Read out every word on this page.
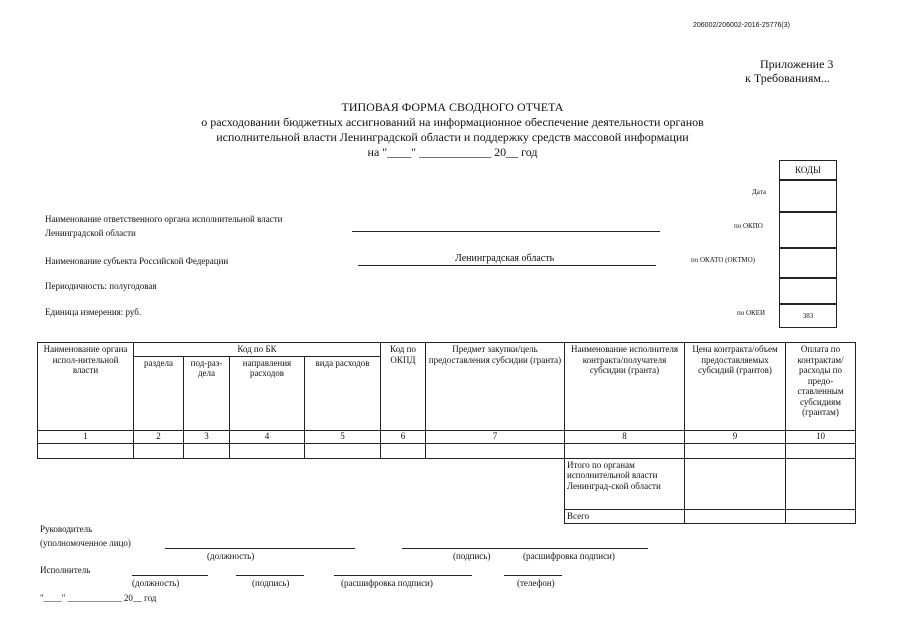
206002/206002-2016-25776(3)
Приложение 3
к Требованиям...
ТИПОВАЯ ФОРМА СВОДНОГО ОТЧЕТА
о расходовании бюджетных ассигнований на информационное обеспечение деятельности органов
исполнительной власти Ленинградской области и поддержку средств массовой информации
на "____" ____________ 20__ год
КОДЫ
383
Дата
по ОКПО
по ОКАТО (ОКТМО)
по ОКЕИ
Наименование ответственного органа исполнительной власти
Ленинградской области
Наименование субъекта Российской Федерации	Ленинградская область
Периодичность: полугодовая
Единица измерения: руб.
Наименование органа испол-нительной власти	Код по БК				Код по ОКПД	Предмет закупки/цель предоставления субсидии (гранта)	Наименование исполнителя контракта/получателя субсидии (гранта)	Цена контракта/объем предоставляемых субсидий (грантов)	Оплата по контрактам/ расходы по предо-ставленным субсидиям (грантам)
	раздела	под-раз-дела	направления расходов	вида расходов					
1	2	3	4	5	6	7	8	9	10

							Итого по органам исполнительной власти Ленинград-ской области		
							Всего		
Руководитель
(уполномоченное лицо)
(должность)	(подпись)	(расшифровка подписи)
Исполнитель
(должность)	(подпись)	(расшифровка подписи)	(телефон)
"____" ____________ 20__ год
